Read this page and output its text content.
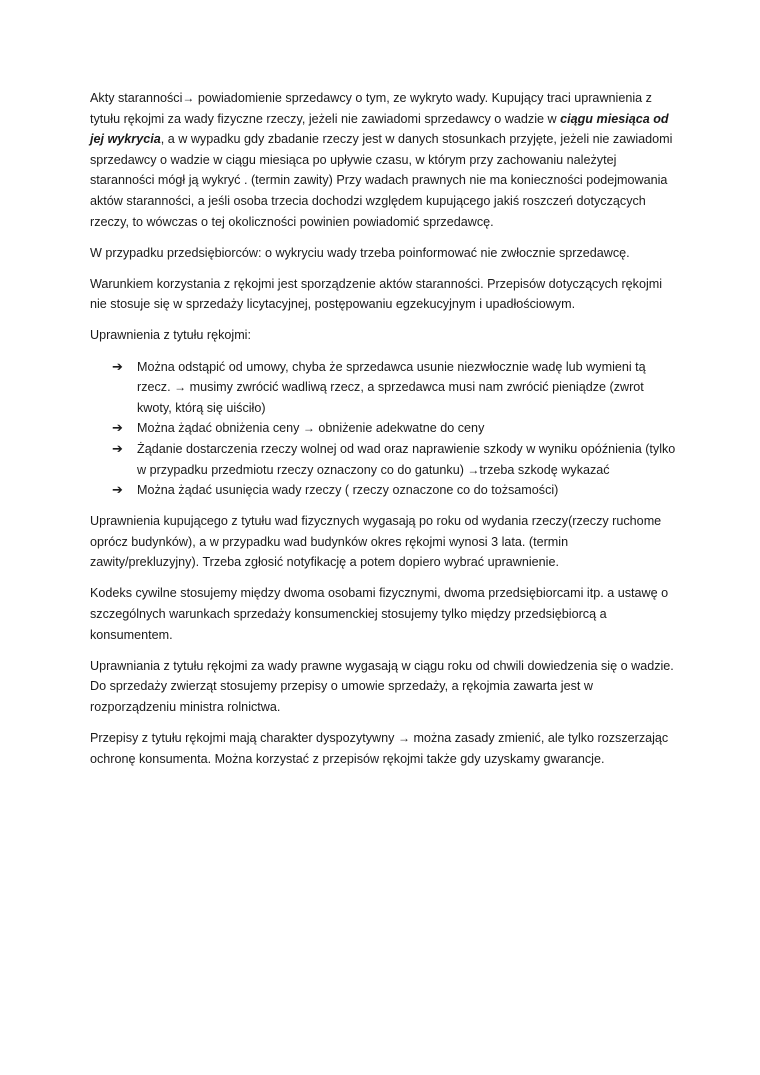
Akty staranności→ powiadomienie sprzedawcy o tym, ze wykryto wady. Kupujący traci uprawnienia z tytułu rękojmi za wady fizyczne rzeczy, jeżeli nie zawiadomi sprzedawcy o wadzie w ciągu miesiąca od jej wykrycia, a w wypadku gdy zbadanie rzeczy jest w danych stosunkach przyjęte, jeżeli nie zawiadomi sprzedawcy o wadzie w ciągu miesiąca po upływie czasu, w którym przy zachowaniu należytej staranności mógł ją wykryć . (termin zawity) Przy wadach prawnych nie ma konieczności podejmowania aktów staranności, a jeśli osoba trzecia dochodzi względem kupującego jakiś roszczeń dotyczących rzeczy, to wówczas o tej okoliczności powinien powiadomić sprzedawcę.

W przypadku przedsiębiorców: o wykryciu wady trzeba poinformować nie zwłocznie sprzedawcę.

Warunkiem korzystania z rękojmi jest sporządzenie aktów staranności. Przepisów dotyczących rękojmi nie stosuje się w sprzedaży licytacyjnej, postępowaniu egzekucyjnym i upadłościowym.

Uprawnienia z tytułu rękojmi:

➔ Można odstąpić od umowy, chyba że sprzedawca usunie niezwłocznie wadę lub wymieni tą rzecz. → musimy zwrócić wadliwą rzecz, a sprzedawca musi nam zwrócić pieniądze (zwrot kwoty, którą się uiściło)
➔ Można żądać obniżenia ceny → obniżenie adekwatne do ceny
➔ Żądanie dostarczenia rzeczy wolnej od wad oraz naprawienie szkody w wyniku opóźnienia (tylko w przypadku przedmiotu rzeczy oznaczony co do gatunku) →trzeba szkodę wykazać
➔ Można żądać usunięcia wady rzeczy ( rzeczy oznaczone co do tożsamości)

Uprawnienia kupującego z tytułu wad fizycznych wygasają po roku od wydania rzeczy(rzeczy ruchome oprócz budynków), a w przypadku wad budynków okres rękojmi wynosi 3 lata. (termin zawity/prekluzyjny). Trzeba zgłosić notyfikację a potem dopiero wybrać uprawnienie.

Kodeks cywilne stosujemy między dwoma osobami fizycznymi, dwoma przedsiębiorcami itp. a ustawę o szczególnych warunkach sprzedaży konsumenckiej stosujemy tylko między przedsiębiorcą a konsumentem.

Uprawniania z tytułu rękojmi za wady prawne wygasają w ciągu roku od chwili dowiedzenia się o wadzie. Do sprzedaży zwierząt stosujemy przepisy o umowie sprzedaży, a rękojmia zawarta jest w rozporządzeniu ministra rolnictwa.

Przepisy z tytułu rękojmi mają charakter dyspozytywny → można zasady zmienić, ale tylko rozszerzając ochronę konsumenta. Można korzystać z przepisów rękojmi także gdy uzyskamy gwarancje.
